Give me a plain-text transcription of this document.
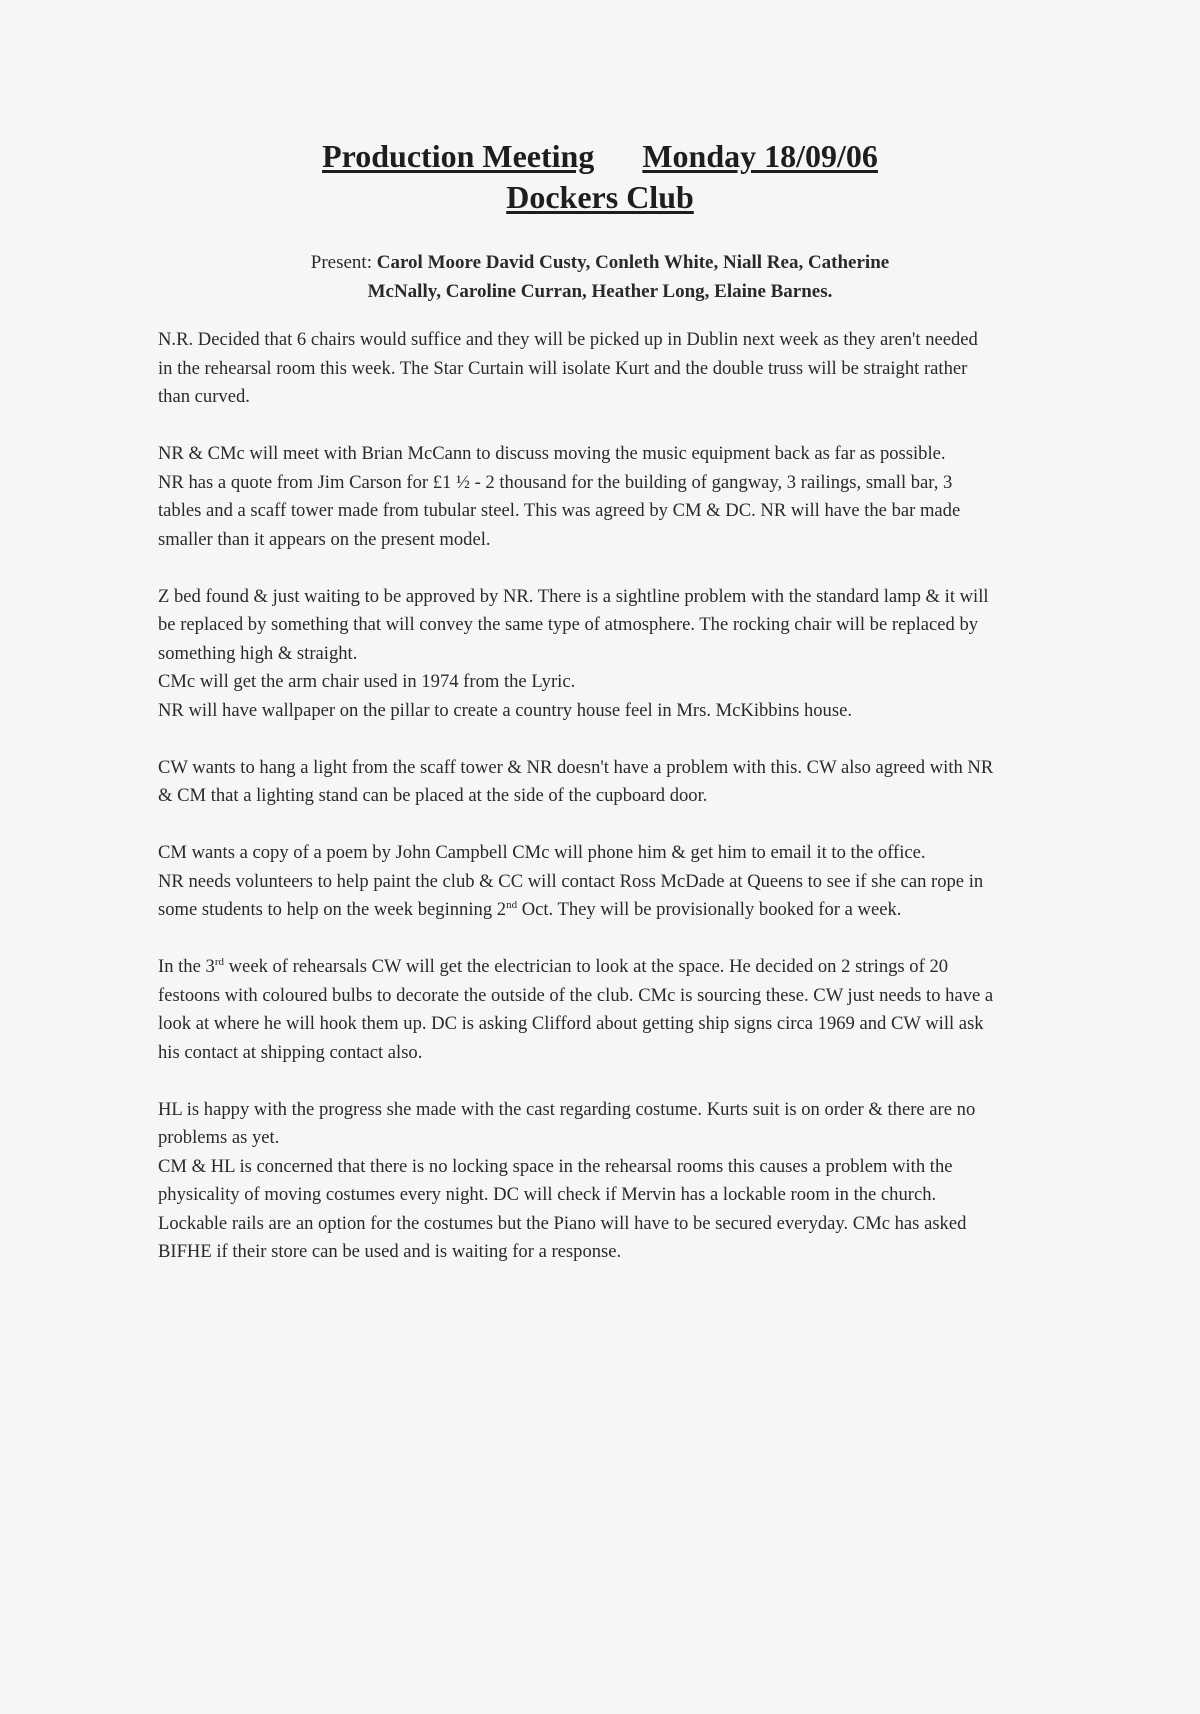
Production Meeting Monday 18/09/06
Dockers Club
Present: Carol Moore David Custy, Conleth White, Niall Rea, Catherine
McNally, Caroline Curran, Heather Long, Elaine Barnes.

N.R. Decided that 6 chairs would suffice and they will be picked up in Dublin next week as they aren't needed in the rehearsal room this week. The Star Curtain will isolate Kurt and the double truss will be straight rather than curved.

NR & CMc will meet with Brian McCann to discuss moving the music equipment back as far as possible.

NR has a quote from Jim Carson for £1 ½ - 2 thousand for the building of gangway, 3 railings, small bar, 3 tables and a scaff tower made from tubular steel. This was agreed by CM & DC. NR will have the bar made smaller than it appears on the present model.

Z bed found & just waiting to be approved by NR. There is a sightline problem with the standard lamp & it will be replaced by something that will convey the same type of atmosphere. The rocking chair will be replaced by something high & straight.

CMc will get the arm chair used in 1974 from the Lyric.

NR will have wallpaper on the pillar to create a country house feel in Mrs. McKibbins house.

CW wants to hang a light from the scaff tower & NR doesn't have a problem with this. CW also agreed with NR & CM that a lighting stand can be placed at the side of the cupboard door.

CM wants a copy of a poem by John Campbell CMc will phone him & get him to email it to the office.

NR needs volunteers to help paint the club & CC will contact Ross McDade at Queens to see if she can rope in some students to help on the week beginning 2nd Oct. They will be provisionally booked for a week.

In the 3rd week of rehearsals CW will get the electrician to look at the space. He decided on 2 strings of 20 festoons with coloured bulbs to decorate the outside of the club. CMc is sourcing these. CW just needs to have a look at where he will hook them up. DC is asking Clifford about getting ship signs circa 1969 and CW will ask his contact at shipping contact also.

HL is happy with the progress she made with the cast regarding costume. Kurts suit is on order & there are no problems as yet.

CM & HL is concerned that there is no locking space in the rehearsal rooms this causes a problem with the physicality of moving costumes every night. DC will check if Mervin has a lockable room in the church. Lockable rails are an option for the costumes but the Piano will have to be secured everyday. CMc has asked BIFHE if their store can be used and is waiting for a response.
